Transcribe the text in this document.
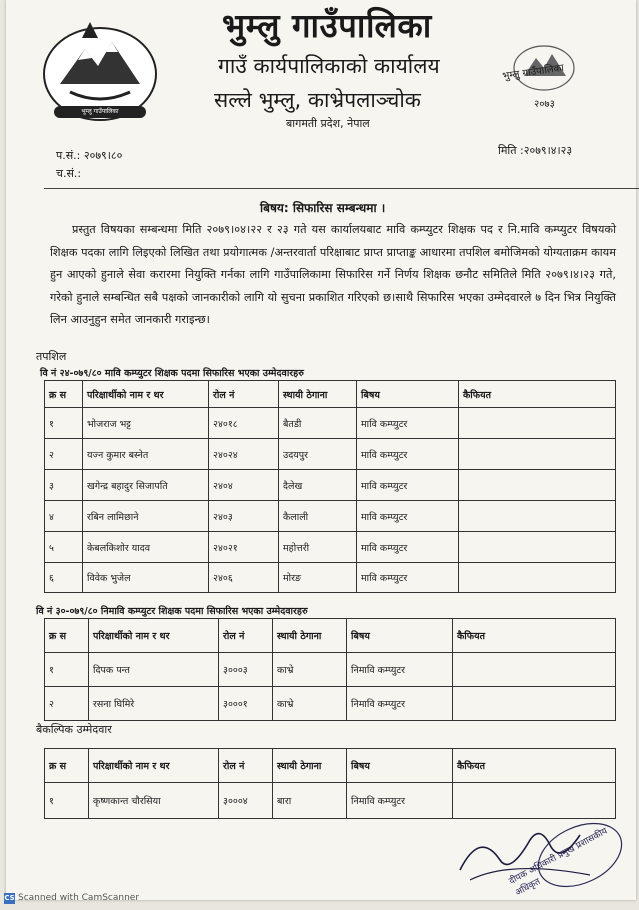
भुम्लु गाउँपालिका
भुम्लु गाउँपालिका
गाउँ कार्यपालिकाको कार्यालय
सल्ले भुम्लु, काभ्रेपलाञ्चोक
बागमती प्रदेश, नेपाल
भुम्लु गाउँपालिका
२०७३
प.सं.: २०७९।८०
च.सं.:
मिति :२०७९।४।२३
बिषय: सिफारिस सम्बन्धमा ।
प्रस्तुत विषयका सम्बन्धमा मिति २०७९।०४।२२ र २३ गते यस कार्यालयबाट मावि कम्प्युटर शिक्षक पद र नि.मावि कम्प्युटर विषयको शिक्षक पदका लागि लिइएको लिखित तथा प्रयोगात्मक /अन्तरवार्ता परिक्षाबाट प्राप्त प्राप्ताङ्क आधारमा तपशिल बमोजिमको योग्यताक्रम कायम हुन आएको हुनाले सेवा करारमा नियुक्ति गर्नका लागि गाउँपालिकामा सिफारिस गर्ने निर्णय शिक्षक छनौट समितिले मिति २०७९।४।२३ गते, गरेको हुनाले सम्बन्धित सबै पक्षको जानकारीको लागि यो सुचना प्रकाशित गरिएको छ।साथै सिफारिस भएका उम्मेदवारले ७ दिन भित्र नियुक्ति लिन आउनुहुन समेत जानकारी गराइन्छ।
तपशिल
वि नं २४-०७९/८० मावि कम्प्युटर शिक्षक पदमा सिफारिस भएका उम्मेदवारहरु
क्र स	परिक्षार्थीको नाम र थर	रोल नं	स्थायी ठेगाना	बिषय	कैफियत
१	भोजराज भट्ट	२४०१८	बैतडी	मावि कम्प्युटर	
२	यज्न कुमार बस्नेत	२४०२४	उदयपुर	मावि कम्प्युटर	
३	खगेन्द्र बहादुर सिजापति	२४०४	दैलेख	मावि कम्प्युटर	
४	रबिन लामिछाने	२४०३	कैलाली	मावि कम्प्युटर	
५	केबलकिशोर यादव	२४०२१	महोत्तरी	मावि कम्प्युटर	
६	विवेक भुजेल	२४०६	मोरङ	मावि कम्प्युटर	
वि नं ३०-०७९/८० निमावि कम्प्युटर शिक्षक पदमा सिफारिस भएका उम्मेदवारहरु
क्र स	परिक्षार्थीको नाम र थर	रोल नं	स्थायी ठेगाना	बिषय	कैफियत
१	दिपक पन्त	३०००३	काभ्रे	निमावि कम्प्युटर	
२	रसना घिमिरे	३०००१	काभ्रे	निमावि कम्प्युटर	
बैकल्पिक उम्मेदवार
क्र स	परिक्षार्थीको नाम र थर	रोल नं	स्थायी ठेगाना	बिषय	कैफियत
१	कृष्णकान्त चौरसिया	३०००४	बारा	निमावि कम्प्युटर	
दीपक अधिकारी प्रमुख प्रशासकीय अधिकृत
CS Scanned with CamScanner
